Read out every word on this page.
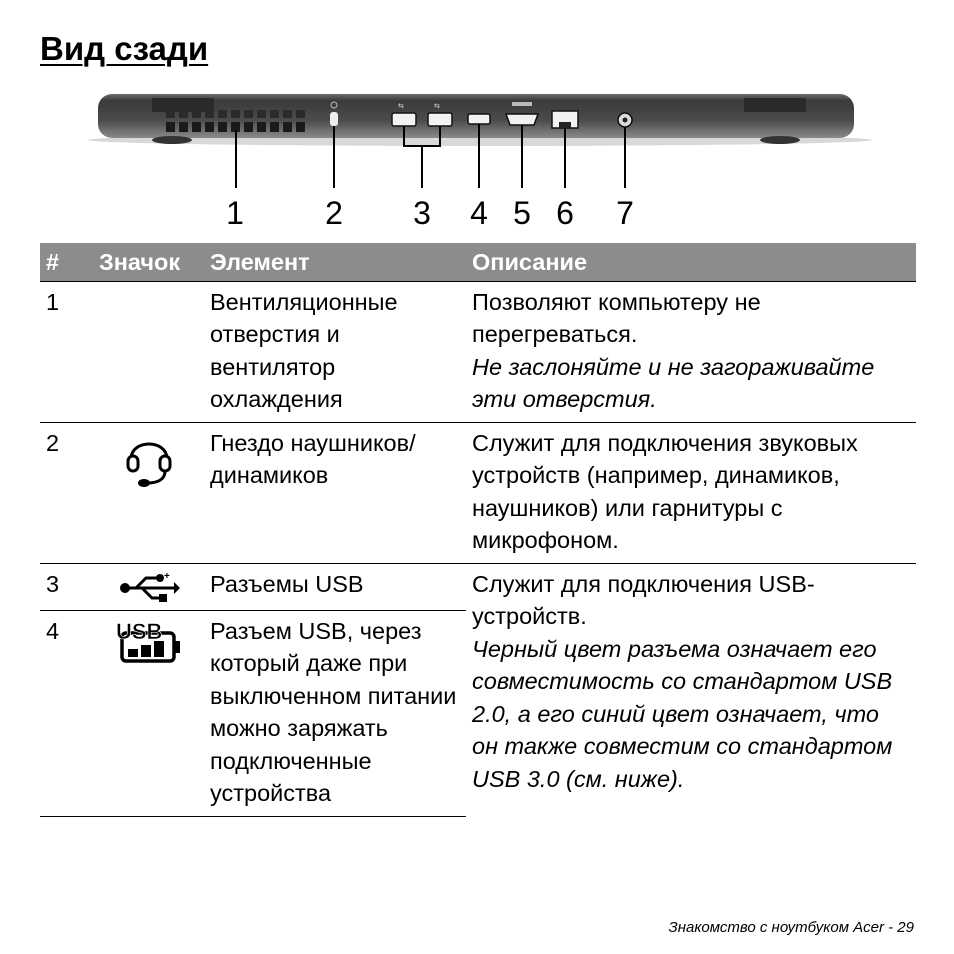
Вид сзади
⇆	⇆
1	2 3 4 5 6 7
#	Значок	Элемент	Описание
1		Вентиляционные отверстия и вентилятор охлаждения	Позволяют компьютеру не перегреваться.
Не заслоняйте и не загораживайте эти отверстия.

2		Гнездо наушников/ динамиков	Служит для подключения звуковых устройств (например, динамиков, наушников) или гарнитуры с микрофоном.
3	+	Разъемы USB	Служит для подключения USB-устройств.
Черный цвет разъема означает его совместимость со стандартом USB 2.0, а его синий цвет означает, что он также совместим со стандартом USB 3.0 (см. ниже).

4	USB	Разъем USB, через который даже при выключенном питании можно заряжать подключенные устройства	
Знакомство с ноутбуком Acer - 29
